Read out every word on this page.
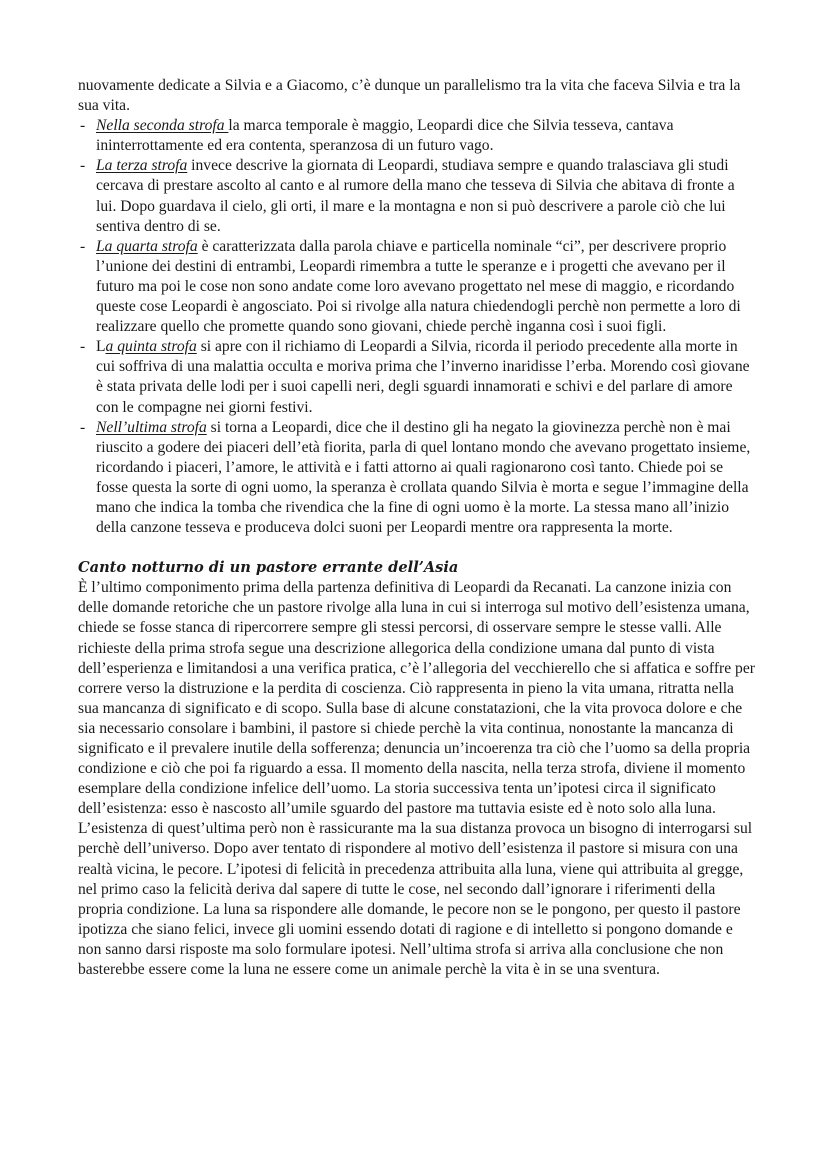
nuovamente dedicate a Silvia e a Giacomo, c’è dunque un parallelismo tra la vita che faceva Silvia e tra la sua vita.

- Nella seconda strofa la marca temporale è maggio, Leopardi dice che Silvia tesseva, cantava ininterrottamente ed era contenta, speranzosa di un futuro vago.
- La terza strofa invece descrive la giornata di Leopardi, studiava sempre e quando tralasciava gli studi cercava di prestare ascolto al canto e al rumore della mano che tesseva di Silvia che abitava di fronte a lui. Dopo guardava il cielo, gli orti, il mare e la montagna e non si può descrivere a parole ciò che lui sentiva dentro di se.
- La quarta strofa è caratterizzata dalla parola chiave e particella nominale “ci”, per descrivere proprio l’unione dei destini di entrambi, Leopardi rimembra a tutte le speranze e i progetti che avevano per il futuro ma poi le cose non sono andate come loro avevano progettato nel mese di maggio, e ricordando queste cose Leopardi è angosciato. Poi si rivolge alla natura chiedendogli perchè non permette a loro di realizzare quello che promette quando sono giovani, chiede perchè inganna così i suoi figli.
- La quinta strofa si apre con il richiamo di Leopardi a Silvia, ricorda il periodo precedente alla morte in cui soffriva di una malattia occulta e moriva prima che l’inverno inaridisse l’erba. Morendo così giovane è stata privata delle lodi per i suoi capelli neri, degli sguardi innamorati e schivi e del parlare di amore con le compagne nei giorni festivi.
- Nell’ultima strofa si torna a Leopardi, dice che il destino gli ha negato la giovinezza perchè non è mai riuscito a godere dei piaceri dell’età fiorita, parla di quel lontano mondo che avevano progettato insieme, ricordando i piaceri, l’amore, le attività e i fatti attorno ai quali ragionarono così tanto. Chiede poi se fosse questa la sorte di ogni uomo, la speranza è crollata quando Silvia è morta e segue l’immagine della mano che indica la tomba che rivendica che la fine di ogni uomo è la morte. La stessa mano all’inizio della canzone tesseva e produceva dolci suoni per Leopardi mentre ora rappresenta la morte.
Canto notturno di un pastore errante dell’Asia

È l’ultimo componimento prima della partenza definitiva di Leopardi da Recanati. La canzone inizia con delle domande retoriche che un pastore rivolge alla luna in cui si interroga sul motivo dell’esistenza umana, chiede se fosse stanca di ripercorrere sempre gli stessi percorsi, di osservare sempre le stesse valli. Alle richieste della prima strofa segue una descrizione allegorica della condizione umana dal punto di vista dell’esperienza e limitandosi a una verifica pratica, c’è l’allegoria del vecchierello che si affatica e soffre per correre verso la distruzione e la perdita di coscienza. Ciò rappresenta in pieno la vita umana, ritratta nella sua mancanza di significato e di scopo. Sulla base di alcune constatazioni, che la vita provoca dolore e che sia necessario consolare i bambini, il pastore si chiede perchè la vita continua, nonostante la mancanza di significato e il prevalere inutile della sofferenza; denuncia un’incoerenza tra ciò che l’uomo sa della propria condizione e ciò che poi fa riguardo a essa. Il momento della nascita, nella terza strofa, diviene il momento esemplare della condizione infelice dell’uomo. La storia successiva tenta un’ipotesi circa il significato dell’esistenza: esso è nascosto all’umile sguardo del pastore ma tuttavia esiste ed è noto solo alla luna. L’esistenza di quest’ultima però non è rassicurante ma la sua distanza provoca un bisogno di interrogarsi sul perchè dell’universo. Dopo aver tentato di rispondere al motivo dell’esistenza il pastore si misura con una realtà vicina, le pecore. L’ipotesi di felicità in precedenza attribuita alla luna, viene qui attribuita al gregge, nel primo caso la felicità deriva dal sapere di tutte le cose, nel secondo dall’ignorare i riferimenti della propria condizione. La luna sa rispondere alle domande, le pecore non se le pongono, per questo il pastore ipotizza che siano felici, invece gli uomini essendo dotati di ragione e di intelletto si pongono domande e non sanno darsi risposte ma solo formulare ipotesi. Nell’ultima strofa si arriva alla conclusione che non basterebbe essere come la luna ne essere come un animale perchè la vita è in se una sventura.
